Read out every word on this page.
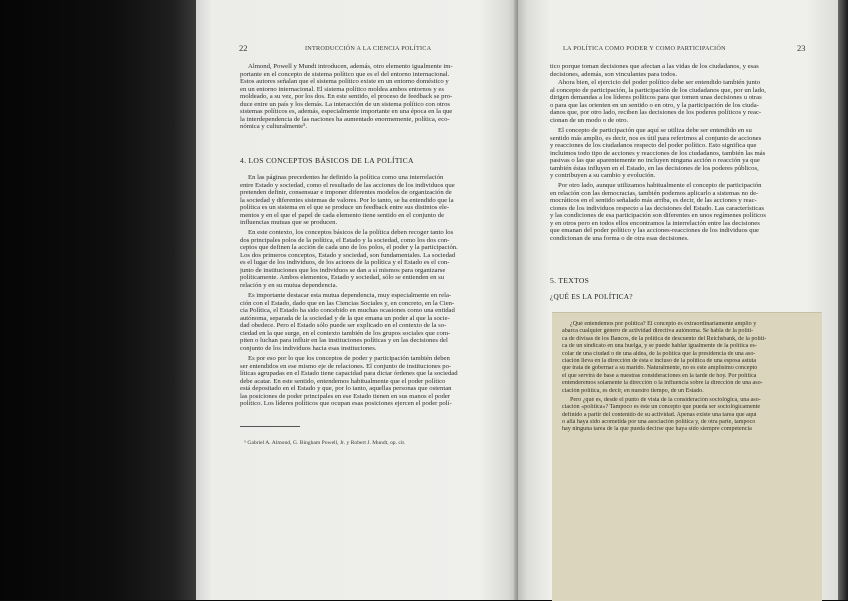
22	INTRODUCCIÓN A LA CIENCIA POLÍTICA
Almond, Powell y Mundt introducen, además, otro elemento igualmente im-
portante en el concepto de sistema político que es el del entorno internacional.
Estos autores señalan que el sistema político existe en un entorno doméstico y
en un entorno internacional. El sistema político moldea ambos entornos y es
moldeado, a su vez, por los dos. En este sentido, el proceso de feedback se pro-
duce entre un país y los demás. La interacción de un sistema político con otros
sistemas políticos es, además, especialmente importante en una época en la que
la interdependencia de las naciones ha aumentado enormemente, política, eco-
nómica y culturalmente⁵.
4. LOS CONCEPTOS BÁSICOS DE LA POLÍTICA
En las páginas precedentes he definido la política como una interrelación
entre Estado y sociedad, como el resultado de las acciones de los individuos que
pretenden definir, consensuar e imponer diferentes modelos de organización de
la sociedad y diferentes sistemas de valores. Por lo tanto, se ha entendido que la
política es un sistema en el que se produce un feedback entre sus distintos ele-
mentos y en el que el papel de cada elemento tiene sentido en el conjunto de
influencias mutuas que se producen.
En este contexto, los conceptos básicos de la política deben recoger tanto los
dos principales polos de la política, el Estado y la sociedad, como los dos con-
ceptos que definen la acción de cada uno de los polos, el poder y la participación.
Los dos primeros conceptos, Estado y sociedad, son fundamentales. La sociedad
es el lugar de los individuos, de los actores de la política y el Estado es el con-
junto de instituciones que los individuos se dan a sí mismos para organizarse
políticamente. Ambos elementos, Estado y sociedad, sólo se entienden en su
relación y en su mutua dependencia.
Es importante destacar esta mutua dependencia, muy especialmente en rela-
ción con el Estado, dado que en las Ciencias Sociales y, en concreto, en la Cien-
cia Política, el Estado ha sido concebido en muchas ocasiones como una entidad
autónoma, separada de la sociedad y de la que emana un poder al que la socie-
dad obedece. Pero el Estado sólo puede ser explicado en el contexto de la so-
ciedad en la que surge, en el contexto también de los grupos sociales que com-
piten o luchan para influir en las instituciones políticas y en las decisiones del
conjunto de los individuos hacia esas instituciones.
Es por eso por lo que los conceptos de poder y participación también deben
ser entendidos en ese mismo eje de relaciones. El conjunto de instituciones po-
líticas agrupadas en el Estado tiene capacidad para dictar órdenes que la sociedad
debe acatar. En este sentido, entendemos habitualmente que el poder político
está depositado en el Estado y que, por lo tanto, aquellas personas que ostentan
las posiciones de poder principales en ese Estado tienen en sus manos el poder
político. Los líderes políticos que ocupan esas posiciones ejercen el poder polí-
⁵ Gabriel A. Almond, G. Bingham Powell, Jr. y Robert J. Mundt, op. cit.
LA POLÍTICA COMO PODER Y COMO PARTICIPACIÓN	23
tico porque toman decisiones que afectan a las vidas de los ciudadanos, y esas
decisiones, además, son vinculantes para todos.
Ahora bien, el ejercicio del poder político debe ser entendido también junto
al concepto de participación, la participación de los ciudadanos que, por un lado,
dirigen demandas a los líderes políticos para que tomen unas decisiones u otras
o para que las orienten en un sentido o en otro, y la participación de los ciuda-
danos que, por otro lado, reciben las decisiones de los poderes políticos y reac-
cionan de un modo o de otro.
El concepto de participación que aquí se utiliza debe ser entendido en su
sentido más amplio, es decir, nos es útil para referirnos al conjunto de acciones
y reacciones de los ciudadanos respecto del poder político. Esto significa que
incluimos todo tipo de acciones y reacciones de los ciudadanos, también las más
pasivas o las que aparentemente no incluyen ninguna acción o reacción ya que
también éstas influyen en el Estado, en las decisiones de los poderes públicos,
y contribuyen a su cambio y evolución.
Por otro lado, aunque utilizamos habitualmente el concepto de participación
en relación con las democracias, también podemos aplicarlo a sistemas no de-
mocráticos en el sentido señalado más arriba, es decir, de las acciones y reac-
ciones de los individuos respecto a las decisiones del Estado. Las características
y las condiciones de esa participación son diferentes en unos regímenes políticos
y en otros pero en todos ellos encontramos la interrelación entre las decisiones
que emanan del poder político y las acciones-reacciones de los individuos que
condicionan de una forma o de otra esas decisiones.
5. TEXTOS
¿QUÉ ES LA POLÍTICA?
¿Qué entendemos por política? El concepto es extraordinariamente amplio y
abarca cualquier género de actividad directiva autónoma. Se habla de la políti-
ca de divisas de los Bancos, de la política de descuento del Reichsbank, de la políti-
ca de un sindicato en una huelga, y se puede hablar igualmente de la política es-
colar de una ciudad o de una aldea, de la política que la presidencia de una aso-
ciación lleva en la dirección de ésta e incluso de la política de una esposa astuta
que trata de gobernar a su marido. Naturalmente, no es este amplísimo concepto
el que servirá de base a nuestras consideraciones en la tarde de hoy. Por política
entenderemos solamente la dirección o la influencia sobre la dirección de una aso-
ciación política, es decir, en nuestro tiempo, de un Estado.
Pero ¿qué es, desde el punto de vista de la consideración sociológica, una aso-
ciación «política»? Tampoco es éste un concepto que pueda ser sociológicamente
definido a partir del contenido de su actividad. Apenas existe una tarea que aquí
o allá haya sido acometida por una asociación política y, de otra parte, tampoco
hay ninguna tarea de la que pueda decirse que haya sido siempre competencia
